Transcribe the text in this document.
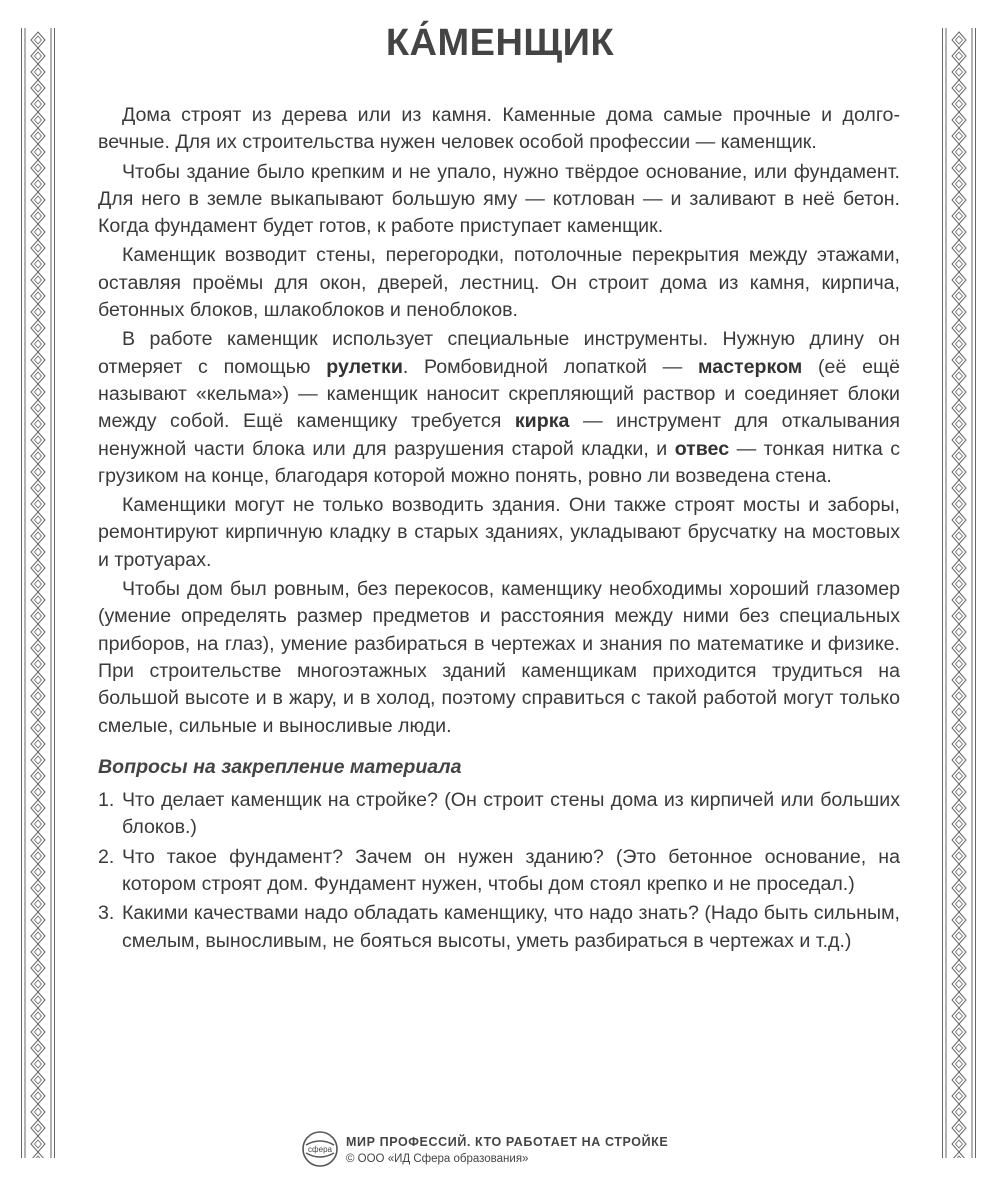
КА́МЕНЩИК

Дома строят из дерева или из камня. Каменные дома самые прочные и долговечные. Для их строительства нужен человек особой профессии — каменщик.

Чтобы здание было крепким и не упало, нужно твёрдое основание, или фундамент. Для него в земле выкапывают большую яму — котлован — и заливают в неё бетон. Когда фундамент будет готов, к работе приступает каменщик.

Каменщик возводит стены, перегородки, потолочные перекрытия между этажами, оставляя проёмы для окон, дверей, лестниц. Он строит дома из камня, кирпича, бетонных блоков, шлакоблоков и пеноблоков.

В работе каменщик использует специальные инструменты. Нужную длину он отмеряет с помощью рулетки. Ромбовидной лопаткой — мастерком (её ещё называют «кельма») — каменщик наносит скрепляющий раствор и соединяет блоки между собой. Ещё каменщику требуется кирка — инструмент для откалывания ненужной части блока или для разрушения старой кладки, и отвес — тонкая нитка с грузиком на конце, благодаря которой можно понять, ровно ли возведена стена.

Каменщики могут не только возводить здания. Они также строят мосты и заборы, ремонтируют кирпичную кладку в старых зданиях, укладывают брусчатку на мостовых и тротуарах.

Чтобы дом был ровным, без перекосов, каменщику необходимы хороший глазомер (умение определять размер предметов и расстояния между ними без специальных приборов, на глаз), умение разбираться в чертежах и знания по математике и физике. При строительстве многоэтажных зданий каменщикам приходится трудиться на большой высоте и в жару, и в холод, поэтому справиться с такой работой могут только смелые, сильные и выносливые люди.

Вопросы на закрепление материала
1. Что делает каменщик на стройке? (Он строит стены дома из кирпичей или больших блоков.)
2. Что такое фундамент? Зачем он нужен зданию? (Это бетонное основание, на котором строят дом. Фундамент нужен, чтобы дом стоял крепко и не проседал.)
3. Какими качествами надо обладать каменщику, что надо знать? (Надо быть сильным, смелым, выносливым, не бояться высоты, уметь разбираться в чертежах и т.д.)
сфера
МИР ПРОФЕССИЙ. КТО РАБОТАЕТ НА СТРОЙКЕ
© ООО «ИД Сфера образования»
